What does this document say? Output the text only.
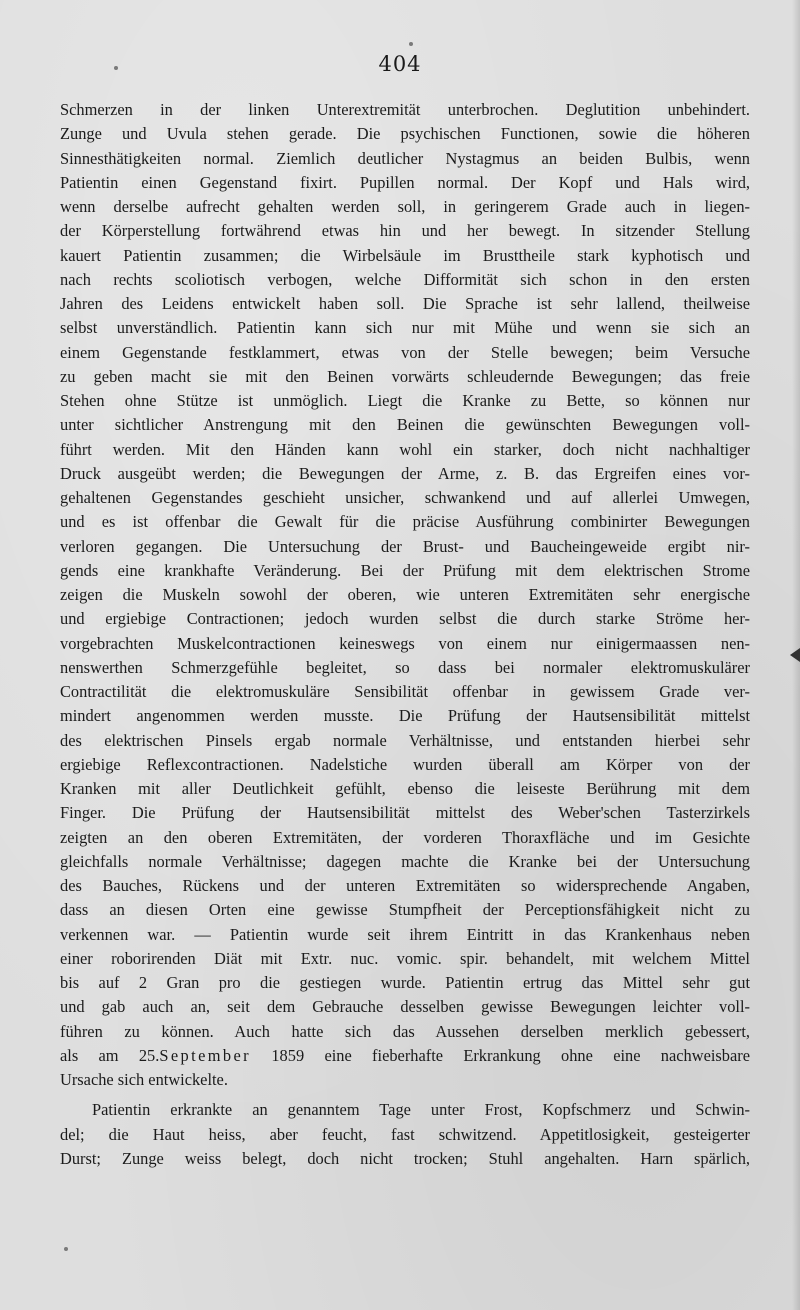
404
Schmerzen in der linken Unterextremität unterbrochen. Deglutition unbehindert.
Zunge und Uvula stehen gerade. Die psychischen Functionen, sowie die höheren
Sinnesthätigkeiten normal. Ziemlich deutlicher Nystagmus an beiden Bulbis, wenn
Patientin einen Gegenstand fixirt. Pupillen normal. Der Kopf und Hals wird,
wenn derselbe aufrecht gehalten werden soll, in geringerem Grade auch in liegen-
der Körperstellung fortwährend etwas hin und her bewegt. In sitzender Stellung
kauert Patientin zusammen; die Wirbelsäule im Brusttheile stark kyphotisch und
nach rechts scoliotisch verbogen, welche Difformität sich schon in den ersten
Jahren des Leidens entwickelt haben soll. Die Sprache ist sehr lallend, theilweise
selbst unverständlich. Patientin kann sich nur mit Mühe und wenn sie sich an
einem Gegenstande festklammert, etwas von der Stelle bewegen; beim Versuche
zu geben macht sie mit den Beinen vorwärts schleudernde Bewegungen; das freie
Stehen ohne Stütze ist unmöglich. Liegt die Kranke zu Bette, so können nur
unter sichtlicher Anstrengung mit den Beinen die gewünschten Bewegungen voll-
führt werden. Mit den Händen kann wohl ein starker, doch nicht nachhaltiger
Druck ausgeübt werden; die Bewegungen der Arme, z. B. das Ergreifen eines vor-
gehaltenen Gegenstandes geschieht unsicher, schwankend und auf allerlei Umwegen,
und es ist offenbar die Gewalt für die präcise Ausführung combinirter Bewegungen
verloren gegangen. Die Untersuchung der Brust- und Baucheingeweide ergibt nir-
gends eine krankhafte Veränderung. Bei der Prüfung mit dem elektrischen Strome
zeigen die Muskeln sowohl der oberen, wie unteren Extremitäten sehr energische
und ergiebige Contractionen; jedoch wurden selbst die durch starke Ströme her-
vorgebrachten Muskelcontractionen keineswegs von einem nur einigermaassen nen-
nenswerthen Schmerzgefühle begleitet, so dass bei normaler elektromuskulärer
Contractilität die elektromuskuläre Sensibilität offenbar in gewissem Grade ver-
mindert angenommen werden musste. Die Prüfung der Hautsensibilität mittelst
des elektrischen Pinsels ergab normale Verhältnisse, und entstanden hierbei sehr
ergiebige Reflexcontractionen. Nadelstiche wurden überall am Körper von der
Kranken mit aller Deutlichkeit gefühlt, ebenso die leiseste Berührung mit dem
Finger. Die Prüfung der Hautsensibilität mittelst des Weber'schen Tasterzirkels
zeigten an den oberen Extremitäten, der vorderen Thoraxfläche und im Gesichte
gleichfalls normale Verhältnisse; dagegen machte die Kranke bei der Untersuchung
des Bauches, Rückens und der unteren Extremitäten so widersprechende Angaben,
dass an diesen Orten eine gewisse Stumpfheit der Perceptionsfähigkeit nicht zu
verkennen war. — Patientin wurde seit ihrem Eintritt in das Krankenhaus neben
einer roborirenden Diät mit Extr. nuc. vomic. spir. behandelt, mit welchem Mittel
bis auf 2 Gran pro die gestiegen wurde. Patientin ertrug das Mittel sehr gut
und gab auch an, seit dem Gebrauche desselben gewisse Bewegungen leichter voll-
führen zu können. Auch hatte sich das Aussehen derselben merklich gebessert,
als am 25.September 1859 eine fieberhafte Erkrankung ohne eine nachweisbare
Ursache sich entwickelte.
Patientin erkrankte an genanntem Tage unter Frost, Kopfschmerz und Schwin-
del; die Haut heiss, aber feucht, fast schwitzend. Appetitlosigkeit, gesteigerter
Durst; Zunge weiss belegt, doch nicht trocken; Stuhl angehalten. Harn spärlich,
